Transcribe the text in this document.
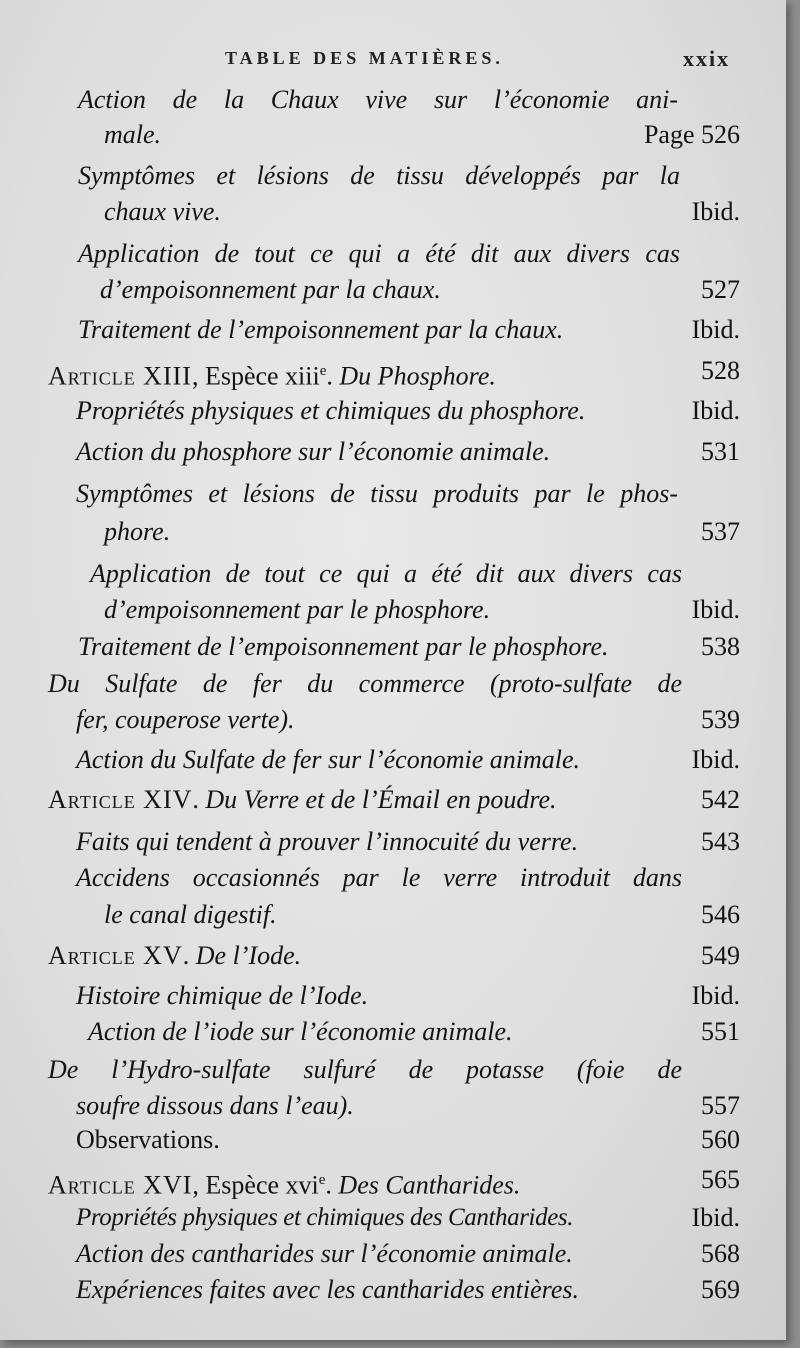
TABLE DES MATIÈRES.	xxix
Action de la Chaux vive sur l’économie ani-
male.	Page 526
Symptômes et lésions de tissu développés par la
chaux vive.	Ibid.
Application de tout ce qui a été dit aux divers cas
d’empoisonnement par la chaux.	527
Traitement de l’empoisonnement par la chaux.	Ibid.
Article XIII, Espèce xiii$^e$. Du Phosphore.	528
Propriétés physiques et chimiques du phosphore.	Ibid.
Action du phosphore sur l’économie animale.	531
Symptômes et lésions de tissu produits par le phos-
phore.	537
Application de tout ce qui a été dit aux divers cas
d’empoisonnement par le phosphore.	Ibid.
Traitement de l’empoisonnement par le phosphore.	538
Du Sulfate de fer du commerce (proto-sulfate de
fer, couperose verte).	539
Action du Sulfate de fer sur l’économie animale.	Ibid.
Article XIV. Du Verre et de l’Émail en poudre.	542
Faits qui tendent à prouver l’innocuité du verre.	543
Accidens occasionnés par le verre introduit dans
le canal digestif.	546
Article XV. De l’Iode.	549
Histoire chimique de l’Iode.	Ibid.
Action de l’iode sur l’économie animale.	551
De l’Hydro-sulfate sulfuré de potasse (foie de
soufre dissous dans l’eau).	557
Observations.	560
Article XVI, Espèce xvi$^e$. Des Cantharides.	565
Propriétés physiques et chimiques des Cantharides.	Ibid.
Action des cantharides sur l’économie animale.	568
Expériences faites avec les cantharides entières.	569
